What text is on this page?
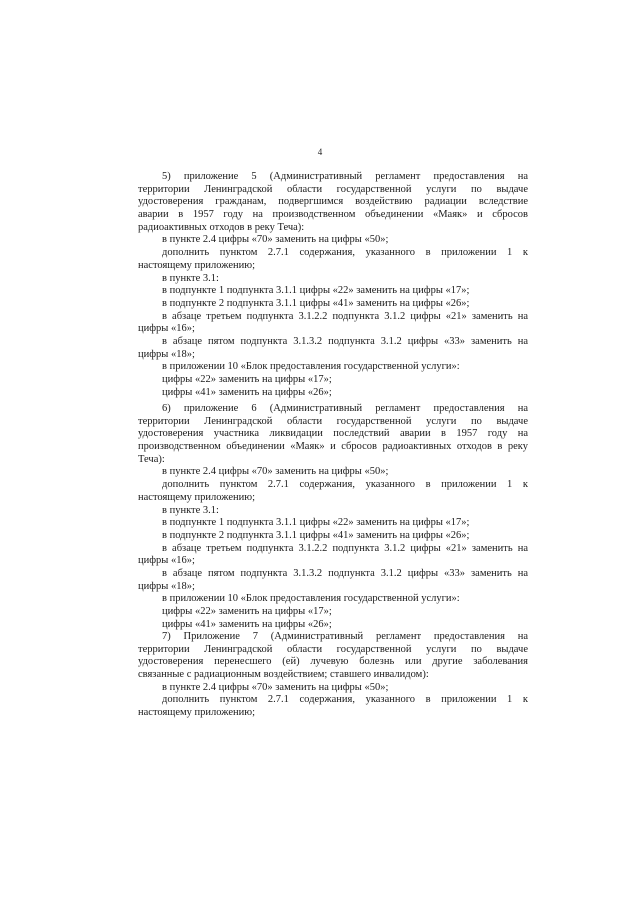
4
5) приложение 5 (Административный регламент предоставления на
территории Ленинградской области государственной услуги по выдаче
удостоверения гражданам, подвергшимся воздействию радиации вследствие
аварии в 1957 году на производственном объединении «Маяк» и сбросов
радиоактивных отходов в реку Теча):
в пункте 2.4 цифры «70» заменить на цифры «50»;
дополнить пунктом 2.7.1 содержания, указанного в приложении 1 к
настоящему приложению;
в пункте 3.1:
в подпункте 1 подпункта 3.1.1 цифры «22» заменить на цифры «17»;
в подпункте 2 подпункта 3.1.1 цифры «41» заменить на цифры «26»;
в абзаце третьем подпункта 3.1.2.2 подпункта 3.1.2 цифры «21» заменить на
цифры «16»;
в абзаце пятом подпункта 3.1.3.2 подпункта 3.1.2 цифры «33» заменить на
цифры «18»;
в приложении 10 «Блок предоставления государственной услуги»:
цифры «22» заменить на цифры «17»;
цифры «41» заменить на цифры «26»;
6) приложение 6 (Административный регламент предоставления на
территории Ленинградской области государственной услуги по выдаче
удостоверения участника ликвидации последствий аварии в 1957 году на
производственном объединении «Маяк» и сбросов радиоактивных отходов в реку
Теча):
в пункте 2.4 цифры «70» заменить на цифры «50»;
дополнить пунктом 2.7.1 содержания, указанного в приложении 1 к
настоящему приложению;
в пункте 3.1:
в подпункте 1 подпункта 3.1.1 цифры «22» заменить на цифры «17»;
в подпункте 2 подпункта 3.1.1 цифры «41» заменить на цифры «26»;
в абзаце третьем подпункта 3.1.2.2 подпункта 3.1.2 цифры «21» заменить на
цифры «16»;
в абзаце пятом подпункта 3.1.3.2 подпункта 3.1.2 цифры «33» заменить на
цифры «18»;
в приложении 10 «Блок предоставления государственной услуги»:
цифры «22» заменить на цифры «17»;
цифры «41» заменить на цифры «26»;
7) Приложение 7 (Административный регламент предоставления на
территории Ленинградской области государственной услуги по выдаче
удостоверения перенесшего (ей) лучевую болезнь или другие заболевания
связанные с радиационным воздействием; ставшего инвалидом):
в пункте 2.4 цифры «70» заменить на цифры «50»;
дополнить пунктом 2.7.1 содержания, указанного в приложении 1 к
настоящему приложению;
